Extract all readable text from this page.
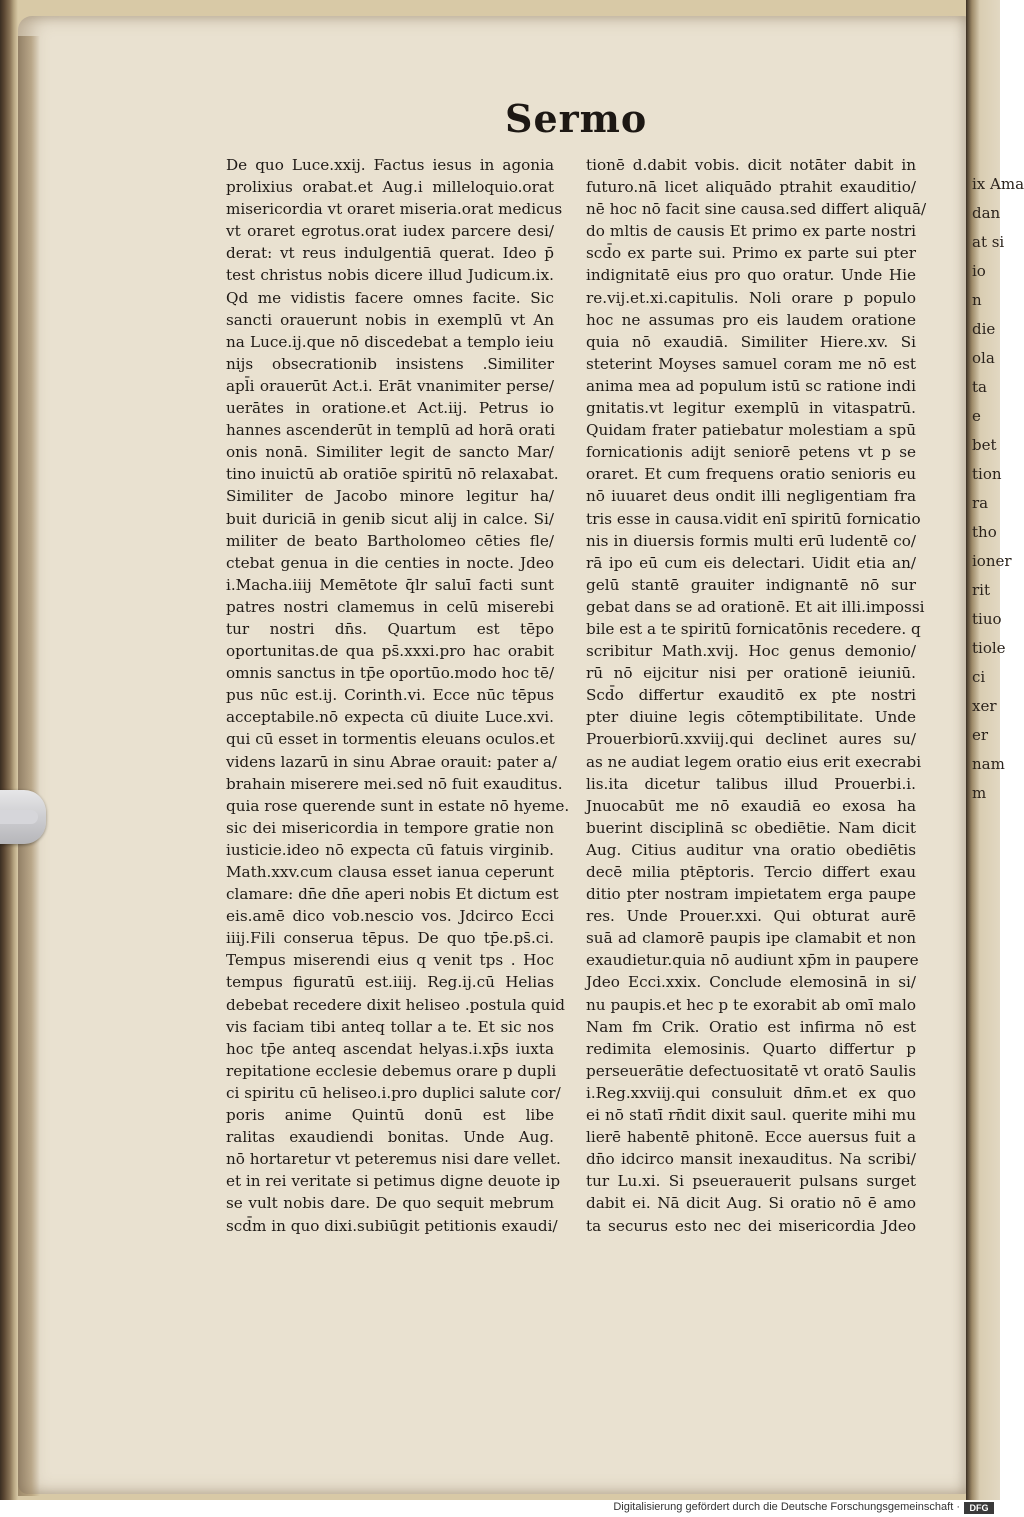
ix Ama
dan
at si
io
n
die
ola
ta
e
bet
tion
ra
tho
ioner
rit
tiuo
tiole
ci
xer
er
nam
m
Sermo
De quo Luce.xxij. Factus iesus in agonia
prolixius orabat.et Aug.i milleloquio.orat
misericordia vt oraret miseria.orat medicus
vt oraret egrotus.orat iudex parcere desi/
derat: vt reus indulgentiā querat. Ideo p̄
test christus nobis dicere illud Judicum.ix.
Qd me vidistis facere omnes facite. Sic
sancti orauerunt nobis in exemplū vt An
na Luce.ij.que nō discedebat a templo ieiu
nijs obsecrationib insistens .Similiter
apl̄i orauerūt Act.i. Erāt vnanimiter perse/
uerātes in oratione.et Act.iij. Petrus io
hannes ascenderūt in templū ad horā orati
onis nonā. Similiter legit de sancto Mar/
tino inuictū ab oratiōe spiritū nō relaxabat.
Similiter de Jacobo minore legitur ha/
buit duriciā in genib sicut alij in calce. Si/
militer de beato Bartholomeo cēties fle/
ctebat genua in die centies in nocte. Jdeo
i.Macha.iiij Memētote q̄lr saluī facti sunt
patres nostri clamemus in celū miserebi
tur nostri dn̄s. Quartum est tēpo
oportunitas.de qua ps̄.xxxi.pro hac orabit
omnis sanctus in tp̄e oportūo.modo hoc tē/
pus nūc est.ij. Corinth.vi. Ecce nūc tēpus
acceptabile.nō expecta cū diuite Luce.xvi.
qui cū esset in tormentis eleuans oculos.et
videns lazarū in sinu Abrae orauit: pater a/
brahain miserere mei.sed nō fuit exauditus.
quia rose querende sunt in estate nō hyeme.
sic dei misericordia in tempore gratie non
iusticie.ideo nō expecta cū fatuis virginib.
Math.xxv.cum clausa esset ianua ceperunt
clamare: dn̄e dn̄e aperi nobis Et dictum est
eis.amē dico vob.nescio vos. Jdcirco Ecci
iiij.Fili conserua tēpus. De quo tp̄e.ps̄.ci.
Tempus miserendi eius q venit tps . Hoc
tempus figuratū est.iiij. Reg.ij.cū Helias
debebat recedere dixit heliseo .postula quid
vis faciam tibi anteq tollar a te. Et sic nos
hoc tp̄e anteq ascendat helyas.i.xp̄s iuxta
repitatione ecclesie debemus orare p dupli
ci spiritu cū heliseo.i.pro duplici salute cor/
poris anime Quintū donū est libe
ralitas exaudiendi bonitas. Unde Aug.
nō hortaretur vt peteremus nisi dare vellet.
et in rei veritate si petimus digne deuote ip
se vult nobis dare. De quo sequit mebrum
scd̄m in quo dixi.subiūgit petitionis exaudi/
tionē d.dabit vobis. dicit notāter dabit in
futuro.nā licet aliquādo ptrahit exauditio/
nē hoc nō facit sine causa.sed differt aliquā/
do mltis de causis Et primo ex parte nostri
scd̄o ex parte sui. Primo ex parte sui pter
indignitatē eius pro quo oratur. Unde Hie
re.vij.et.xi.capitulis. Noli orare p populo
hoc ne assumas pro eis laudem oratione
quia nō exaudiā. Similiter Hiere.xv. Si
steterint Moyses samuel coram me nō est
anima mea ad populum istū sc ratione indi
gnitatis.vt legitur exemplū in vitaspatrū.
Quidam frater patiebatur molestiam a spū
fornicationis adijt seniorē petens vt p se
oraret. Et cum frequens oratio senioris eu
nō iuuaret deus ondit illi negligentiam fra
tris esse in causa.vidit enī spiritū fornicatio
nis in diuersis formis multi erū ludentē co/
rā ipo eū cum eis delectari. Uidit etia an/
gelū stantē grauiter indignantē nō sur
gebat dans se ad orationē. Et ait illi.impossi
bile est a te spiritū fornicatōnis recedere. q
scribitur Math.xvij. Hoc genus demonio/
rū nō eijcitur nisi per orationē ieiuniū.
Scd̄o differtur exauditō ex pte nostri
pter diuine legis cōtemptibilitate. Unde
Prouerbiorū.xxviij.qui declinet aures su/
as ne audiat legem oratio eius erit execrabi
lis.ita dicetur talibus illud Prouerbi.i.
Jnuocabūt me nō exaudiā eo exosa ha
buerint disciplinā sc obediētie. Nam dicit
Aug. Citius auditur vna oratio obediētis
decē milia ptēptoris. Tercio differt exau
ditio pter nostram impietatem erga paupe
res. Unde Prouer.xxi. Qui obturat aurē
suā ad clamorē paupis ipe clamabit et non
exaudietur.quia nō audiunt xp̄m in paupere
Jdeo Ecci.xxix. Conclude elemosinā in si/
nu paupis.et hec p te exorabit ab omī malo
Nam fm Crik. Oratio est infirma nō est
redimita elemosinis. Quarto differtur p
perseuerātie defectuositatē vt oratō Saulis
i.Reg.xxviij.qui consuluit dn̄m.et ex quo
ei nō statī rn̄dit dixit saul. querite mihi mu
lierē habentē phitonē. Ecce auersus fuit a
dn̄o idcirco mansit inexauditus. Na scribi/
tur Lu.xi. Si pseuerauerit pulsans surget
dabit ei. Nā dicit Aug. Si oratio nō ē amo
ta securus esto nec dei misericordia Jdeo
Digitalisierung gefördert durch die Deutsche Forschungsgemeinschaft ·	DFG
